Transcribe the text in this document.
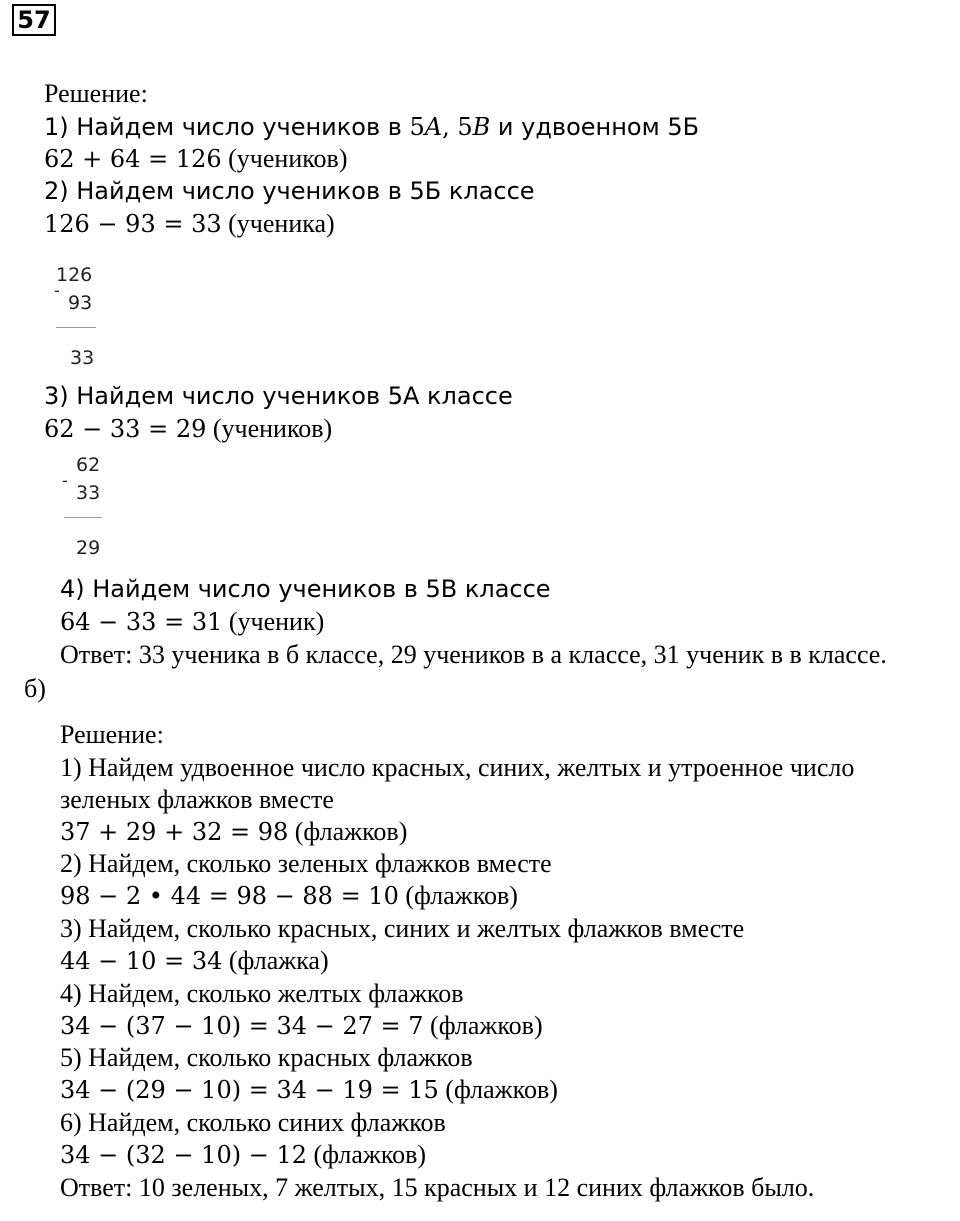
57
Решение:
1) Найдем число учеников в 5𝐴, 5𝐵 и удвоенном 5Б
62 + 64 = 126 (учеников)
2) Найдем число учеников в 5Б классе
126 − 93 = 33 (ученика)
126
-
93
33
3) Найдем число учеников 5А классе
62 − 33 = 29 (учеников)
62
-
33
29
4) Найдем число учеников в 5В классе
64 − 33 = 31 (ученик)
Ответ: 33 ученика в б классе, 29 учеников в а классе, 31 ученик в в классе.
б)
Решение:
1) Найдем удвоенное число красных, синих, желтых и утроенное число
зеленых флажков вместе
37 + 29 + 32 = 98 (флажков)
2) Найдем, сколько зеленых флажков вместе
98 − 2 • 44 = 98 − 88 = 10 (флажков)
3) Найдем, сколько красных, синих и желтых флажков вместе
44 − 10 = 34 (флажка)
4) Найдем, сколько желтых флажков
34 − (37 − 10) = 34 − 27 = 7 (флажков)
5) Найдем, сколько красных флажков
34 − (29 − 10) = 34 − 19 = 15 (флажков)
6) Найдем, сколько синих флажков
34 − (32 − 10) − 12 (флажков)
Ответ: 10 зеленых, 7 желтых, 15 красных и 12 синих флажков было.
